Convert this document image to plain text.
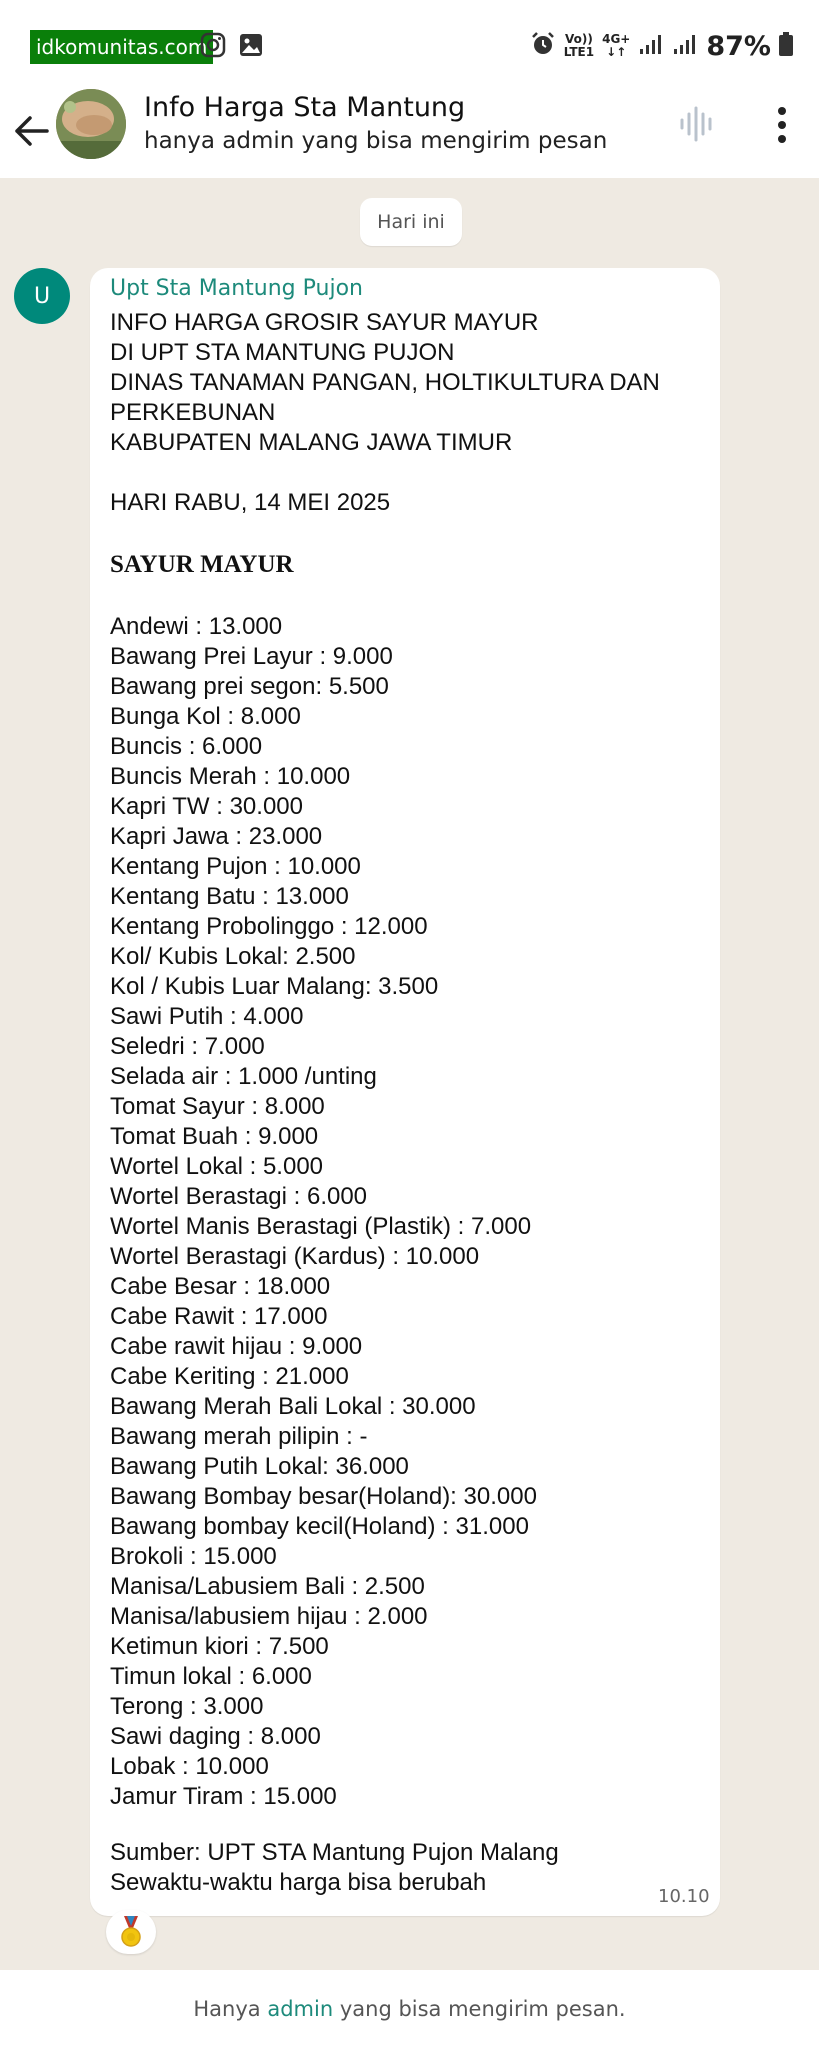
idkomunitas.com	Vo))
LTE1
4G+
↓↑	87%
Info Harga Sta Mantung
hanya admin yang bisa mengirim pesan
Hari ini
U	Upt Sta Mantung Pujon
INFO HARGA GROSIR SAYUR MAYUR
DI UPT STA MANTUNG PUJON
DINAS TANAMAN PANGAN, HOLTIKULTURA DAN
PERKEBUNAN
KABUPATEN MALANG JAWA TIMUR
HARI RABU, 14 MEI 2025
SAYUR MAYUR
Andewi : 13.000
Bawang Prei Layur : 9.000
Bawang prei segon: 5.500
Bunga Kol : 8.000
Buncis : 6.000
Buncis Merah : 10.000
Kapri TW : 30.000
Kapri Jawa : 23.000
Kentang Pujon : 10.000
Kentang Batu : 13.000
Kentang Probolinggo : 12.000
Kol/ Kubis Lokal: 2.500
Kol / Kubis Luar Malang: 3.500
Sawi Putih : 4.000
Seledri : 7.000
Selada air : 1.000 /unting
Tomat Sayur : 8.000
Tomat Buah : 9.000
Wortel Lokal : 5.000
Wortel Berastagi : 6.000
Wortel Manis Berastagi (Plastik) : 7.000
Wortel Berastagi (Kardus) : 10.000
Cabe Besar : 18.000
Cabe Rawit : 17.000
Cabe rawit hijau : 9.000
Cabe Keriting : 21.000
Bawang Merah Bali Lokal : 30.000
Bawang merah pilipin : -
Bawang Putih Lokal: 36.000
Bawang Bombay besar(Holand): 30.000
Bawang bombay kecil(Holand) : 31.000
Brokoli : 15.000
Manisa/Labusiem Bali : 2.500
Manisa/labusiem hijau : 2.000
Ketimun kiori : 7.500
Timun lokal : 6.000
Terong : 3.000
Sawi daging : 8.000
Lobak : 10.000
Jamur Tiram : 15.000
Sumber: UPT STA Mantung Pujon Malang
Sewaktu-waktu harga bisa berubah
10.10
Hanya admin yang bisa mengirim pesan.
